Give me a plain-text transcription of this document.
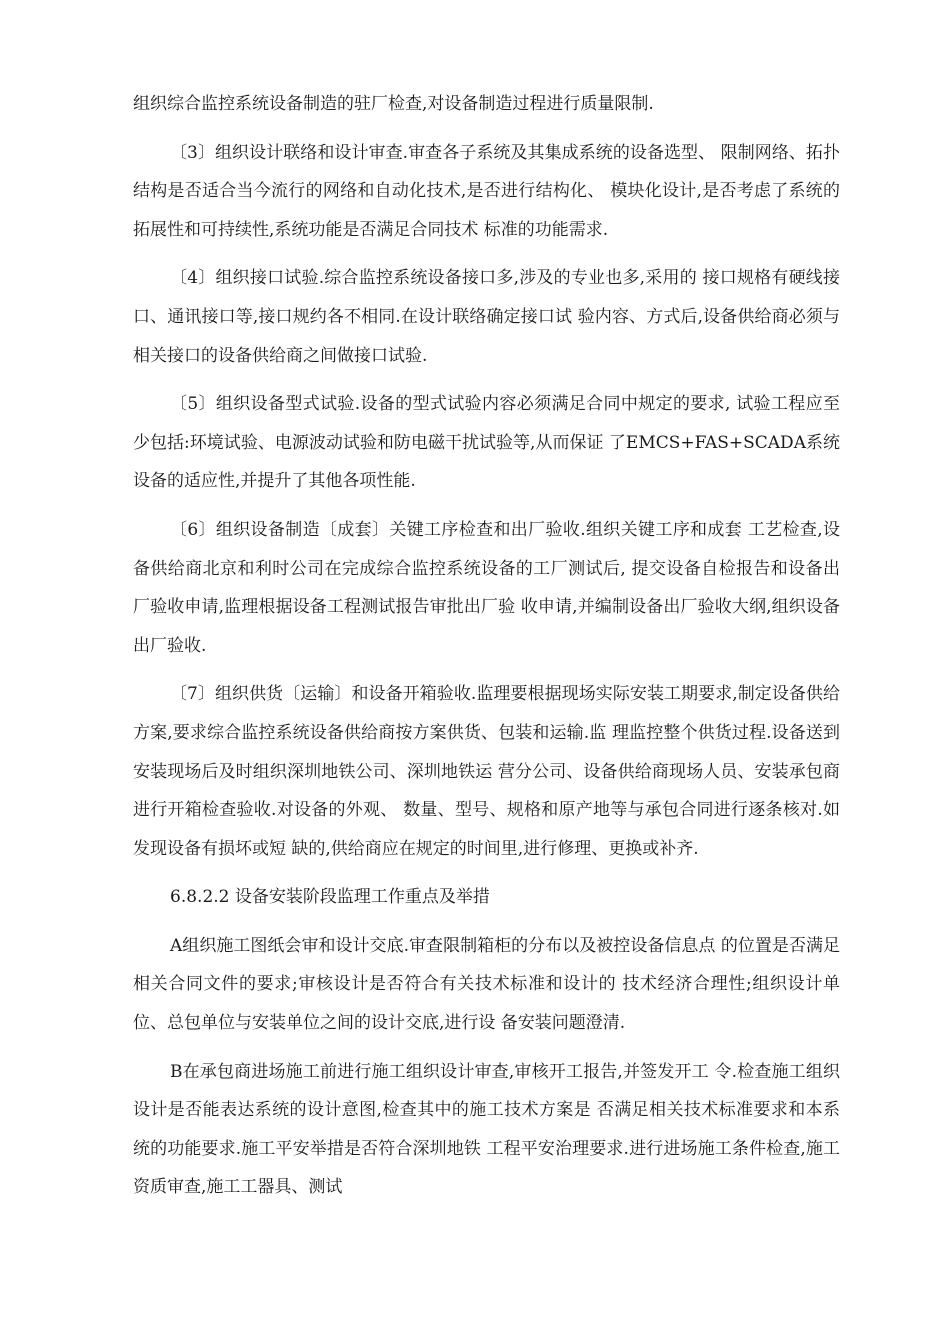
组织综合监控系统设备制造的驻厂检查,对设备制造过程进行质量限制.

〔3〕组织设计联络和设计审查.审查各子系统及其集成系统的设备选型、 限制网络、拓扑结构是否适合当今流行的网络和自动化技术,是否进行结构化、 模块化设计,是否考虑了系统的拓展性和可持续性,系统功能是否满足合同技术 标准的功能需求.

〔4〕组织接口试验.综合监控系统设备接口多,涉及的专业也多,采用的 接口规格有硬线接口、通讯接口等,接口规约各不相同.在设计联络确定接口试 验内容、方式后,设备供给商必须与相关接口的设备供给商之间做接口试验.

〔5〕组织设备型式试验.设备的型式试验内容必须满足合同中规定的要求, 试验工程应至少包括:环境试验、电源波动试验和防电磁干扰试验等,从而保证 了EMCS+FAS+SCADA系统设备的适应性,并提升了其他各项性能.

〔6〕组织设备制造〔成套〕关键工序检查和出厂验收.组织关键工序和成套 工艺检查,设备供给商北京和利时公司在完成综合监控系统设备的工厂测试后, 提交设备自检报告和设备出厂验收申请,监理根据设备工程测试报告审批出厂验 收申请,并编制设备出厂验收大纲,组织设备出厂验收.

〔7〕组织供货〔运输〕和设备开箱验收.监理要根据现场实际安装工期要求,制定设备供给方案,要求综合监控系统设备供给商按方案供货、包装和运输.监 理监控整个供货过程.设备送到安装现场后及时组织深圳地铁公司、深圳地铁运 营分公司、设备供给商现场人员、安装承包商进行开箱检查验收.对设备的外观、 数量、型号、规格和原产地等与承包合同进行逐条核对.如发现设备有损坏或短 缺的,供给商应在规定的时间里,进行修理、更换或补齐.

6.8.2.2 设备安装阶段监理工作重点及举措

A组织施工图纸会审和设计交底.审查限制箱柜的分布以及被控设备信息点 的位置是否满足相关合同文件的要求;审核设计是否符合有关技术标准和设计的 技术经济合理性;组织设计单位、总包单位与安装单位之间的设计交底,进行设 备安装问题澄清.

B在承包商进场施工前进行施工组织设计审查,审核开工报告,并签发开工 令.检查施工组织设计是否能表达系统的设计意图,检查其中的施工技术方案是 否满足相关技术标准要求和本系统的功能要求.施工平安举措是否符合深圳地铁 工程平安治理要求.进行进场施工条件检查,施工资质审查,施工工器具、测试
